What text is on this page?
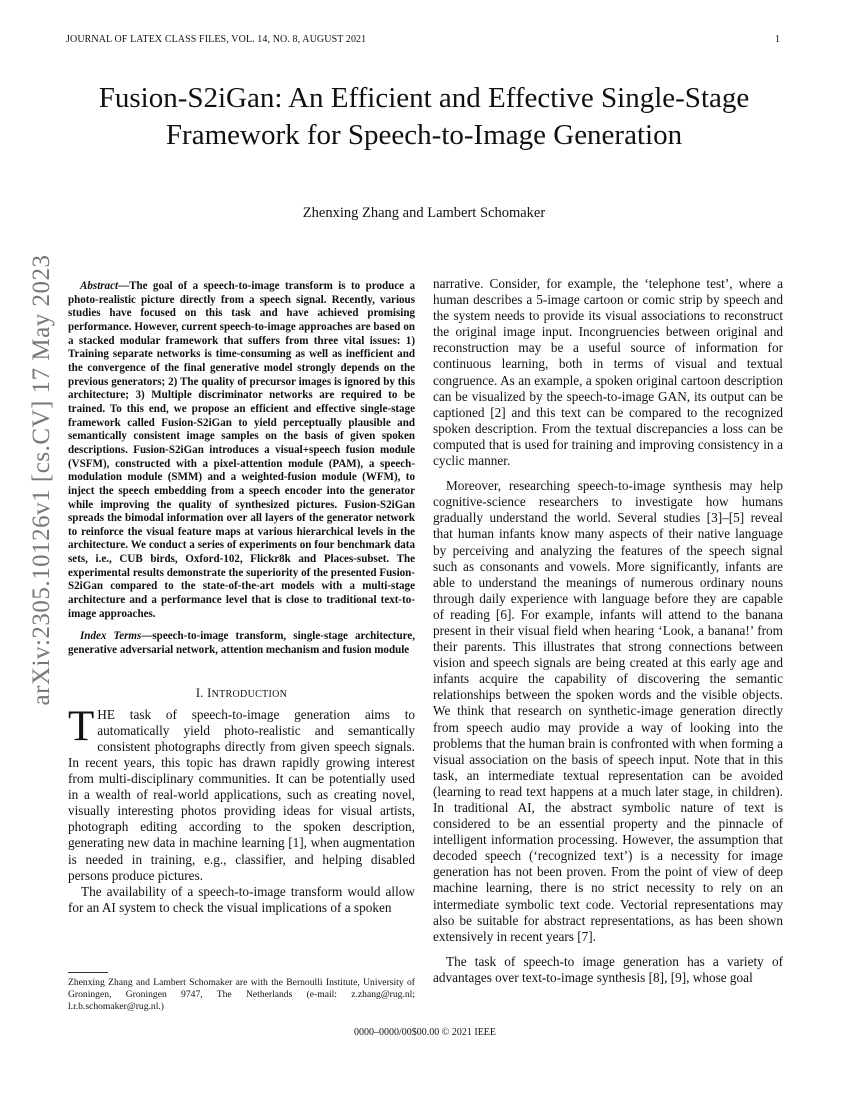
JOURNAL OF LATEX CLASS FILES, VOL. 14, NO. 8, AUGUST 2021	1
Fusion-S2iGan: An Efficient and Effective Single-Stage Framework for Speech-to-Image Generation
Zhenxing Zhang and Lambert Schomaker
arXiv:2305.10126v1 [cs.CV] 17 May 2023	Abstract—The goal of a speech-to-image transform is to produce a photo-realistic picture directly from a speech signal. Recently, various studies have focused on this task and have achieved promising performance. However, current speech-to-image approaches are based on a stacked modular framework that suffers from three vital issues: 1) Training separate networks is time-consuming as well as inefficient and the convergence of the final generative model strongly depends on the previous generators; 2) The quality of precursor images is ignored by this architecture; 3) Multiple discriminator networks are required to be trained. To this end, we propose an efficient and effective single-stage framework called Fusion-S2iGan to yield perceptually plausible and semantically consistent image samples on the basis of given spoken descriptions. Fusion-S2iGan introduces a visual+speech fusion module (VSFM), constructed with a pixel-attention module (PAM), a speech-modulation module (SMM) and a weighted-fusion module (WFM), to inject the speech embedding from a speech encoder into the generator while improving the quality of synthesized pictures. Fusion-S2iGan spreads the bimodal information over all layers of the generator network to reinforce the visual feature maps at various hierarchical levels in the architecture. We conduct a series of experiments on four benchmark data sets, i.e., CUB birds, Oxford-102, Flickr8k and Places-subset. The experimental results demonstrate the superiority of the presented Fusion-S2iGan compared to the state-of-the-art models with a multi-stage architecture and a performance level that is close to traditional text-to-image approaches.

Index Terms—speech-to-image transform, single-stage architecture, generative adversarial network, attention mechanism and fusion module

I. INTRODUCTION

THE task of speech-to-image generation aims to automatically yield photo-realistic and semantically consistent photographs directly from given speech signals. In recent years, this topic has drawn rapidly growing interest from multi-disciplinary communities. It can be potentially used in a wealth of real-world applications, such as creating novel, visually interesting photos providing ideas for visual artists, photograph editing according to the spoken description, generating new data in machine learning [1], when augmentation is needed in training, e.g., classifier, and helping disabled persons produce pictures.

The availability of a speech-to-image transform would allow for an AI system to check the visual implications of a spoken

narrative. Consider, for example, the ‘telephone test’, where a human describes a 5-image cartoon or comic strip by speech and the system needs to provide its visual associations to reconstruct the original image input. Incongruencies between original and reconstruction may be a useful source of information for continuous learning, both in terms of visual and textual congruence. As an example, a spoken original cartoon description can be visualized by the speech-to-image GAN, its output can be captioned [2] and this text can be compared to the recognized spoken description. From the textual discrepancies a loss can be computed that is used for training and improving consistency in a cyclic manner.

Moreover, researching speech-to-image synthesis may help cognitive-science researchers to investigate how humans gradually understand the world. Several studies [3]–[5] reveal that human infants know many aspects of their native language by perceiving and analyzing the features of the speech signal such as consonants and vowels. More significantly, infants are able to understand the meanings of numerous ordinary nouns through daily experience with language before they are capable of reading [6]. For example, infants will attend to the banana present in their visual field when hearing ‘Look, a banana!’ from their parents. This illustrates that strong connections between vision and speech signals are being created at this early age and infants acquire the capability of discovering the semantic relationships between the spoken words and the visible objects. We think that research on synthetic-image generation directly from speech audio may provide a way of looking into the problems that the human brain is confronted with when forming a visual association on the basis of speech input. Note that in this task, an intermediate textual representation can be avoided (learning to read text happens at a much later stage, in children). In traditional AI, the abstract symbolic nature of text is considered to be an essential property and the pinnacle of intelligent information processing. However, the assumption that decoded speech (‘recognized text’) is a necessity for image generation has not been proven. From the point of view of deep machine learning, there is no strict necessity to rely on an intermediate symbolic text code. Vectorial representations may also be suitable for abstract representations, as has been shown extensively in recent years [7].

The task of speech-to image generation has a variety of advantages over text-to-image synthesis [8], [9], whose goal

Zhenxing Zhang and Lambert Schomaker are with the Bernoulli Institute, University of Groningen, Groningen 9747, The Netherlands (e-mail: z.zhang@rug.nl; l.r.b.schomaker@rug.nl.)
0000–0000/00$00.00 © 2021 IEEE
